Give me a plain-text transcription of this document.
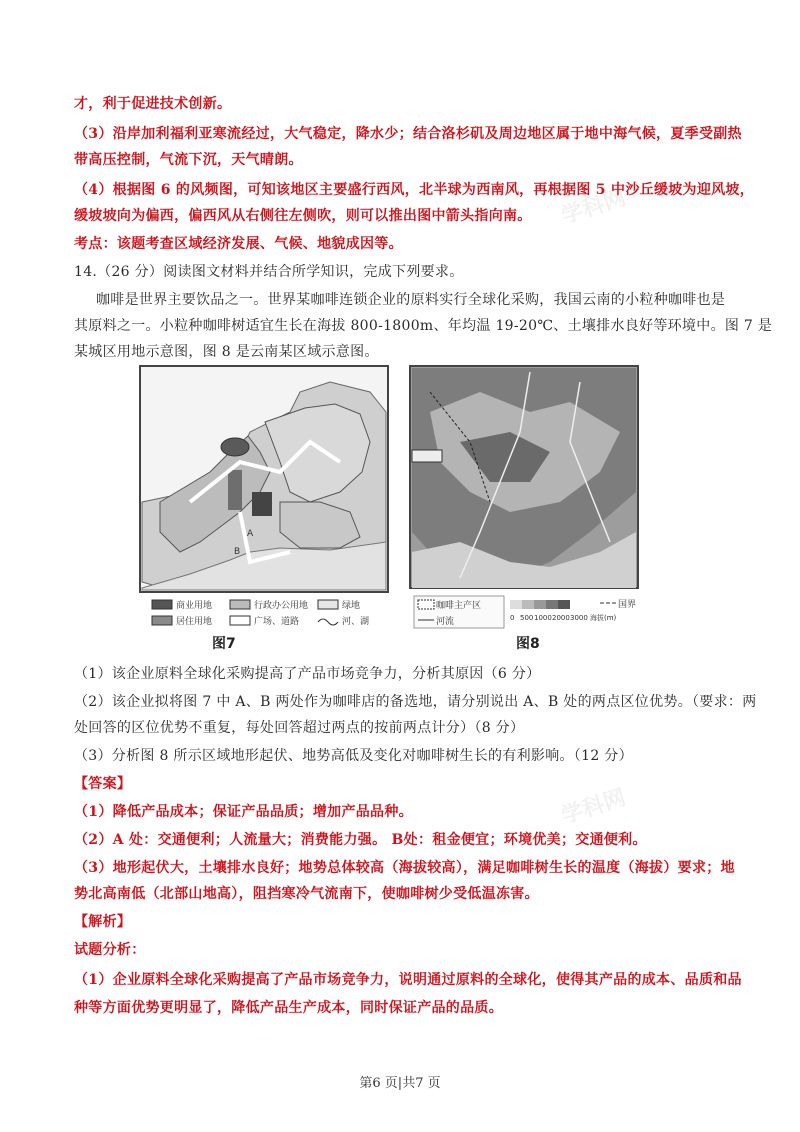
学科网
学科网
才，利于促进技术创新。
（3）沿岸加利福利亚寒流经过，大气稳定，降水少；结合洛杉矶及周边地区属于地中海气候，夏季受副热
带高压控制，气流下沉，天气晴朗。
（4）根据图 6 的风频图，可知该地区主要盛行西风，北半球为西南风，再根据图 5 中沙丘缓坡为迎风坡，
缓坡坡向为偏西，偏西风从右侧往左侧吹，则可以推出图中箭头指向南。
考点：该题考查区域经济发展、气候、地貌成因等。
14.（26 分）阅读图文材料并结合所学知识，完成下列要求。
咖啡是世界主要饮品之一。世界某咖啡连锁企业的原料实行全球化采购，我国云南的小粒种咖啡也是
其原料之一。小粒种咖啡树适宜生长在海拔 800-1800m、年均温 19-20℃、土壤排水良好等环境中。图 7 是
某城区用地示意图，图 8 是云南某区域示意图。
A
B
商业用地	行政办公用地	绿地
居住用地	广场、道路	河、湖
图7
咖啡主产区
河流	0 500 1000 2000 3000 海拔(m)
国界
图8
（1）该企业原料全球化采购提高了产品市场竞争力，分析其原因（6 分）
（2）该企业拟将图 7 中 A、B 两处作为咖啡店的备选地，请分别说出 A、B 处的两点区位优势。（要求：两
处回答的区位优势不重复，每处回答超过两点的按前两点计分）（8 分）
（3）分析图 8 所示区域地形起伏、地势高低及变化对咖啡树生长的有利影响。（12 分）
【答案】
（1）降低产品成本；保证产品品质；增加产品品种。
（2）A 处：交通便利；人流量大；消费能力强。 B处：租金便宜；环境优美；交通便利。
（3）地形起伏大，土壤排水良好；地势总体较高（海拔较高），满足咖啡树生长的温度（海拔）要求；地
势北高南低（北部山地高），阻挡寒冷气流南下，使咖啡树少受低温冻害。
【解析】
试题分析：
（1）企业原料全球化采购提高了产品市场竞争力，说明通过原料的全球化，使得其产品的成本、品质和品
种等方面优势更明显了，降低产品生产成本，同时保证产品的品质。
第6 页|共7 页
